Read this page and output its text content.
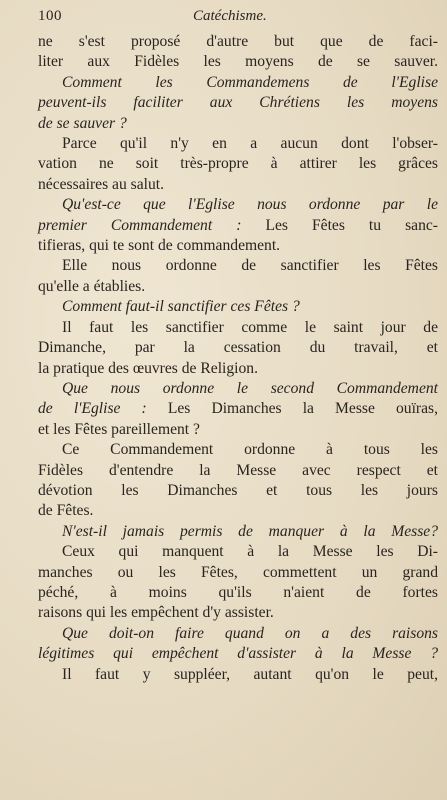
100	Catéchisme.
ne s'est proposé d'autre but que de faci-
liter aux Fidèles les moyens de se sauver.
Comment les Commandemens de l'Eglise
peuvent-ils faciliter aux Chrétiens les moyens
de se sauver ?
Parce qu'il n'y en a aucun dont l'obser-
vation ne soit très-propre à attirer les grâces
nécessaires au salut.
Qu'est-ce que l'Eglise nous ordonne par le
premier Commandement : Les Fêtes tu sanc-
tifieras, qui te sont de commandement.
Elle nous ordonne de sanctifier les Fêtes
qu'elle a établies.
Comment faut-il sanctifier ces Fêtes ?
Il faut les sanctifier comme le saint jour de
Dimanche, par la cessation du travail, et
la pratique des œuvres de Religion.
Que nous ordonne le second Commandement
de l'Eglise : Les Dimanches la Messe ouïras,
et les Fêtes pareillement ?
Ce Commandement ordonne à tous les
Fidèles d'entendre la Messe avec respect et
dévotion les Dimanches et tous les jours
de Fêtes.
N'est-il jamais permis de manquer à la Messe?
Ceux qui manquent à la Messe les Di-
manches ou les Fêtes, commettent un grand
péché, à moins qu'ils n'aient de fortes
raisons qui les empêchent d'y assister.
Que doit-on faire quand on a des raisons
légitimes qui empêchent d'assister à la Messe ?
Il faut y suppléer, autant qu'on le peut,
